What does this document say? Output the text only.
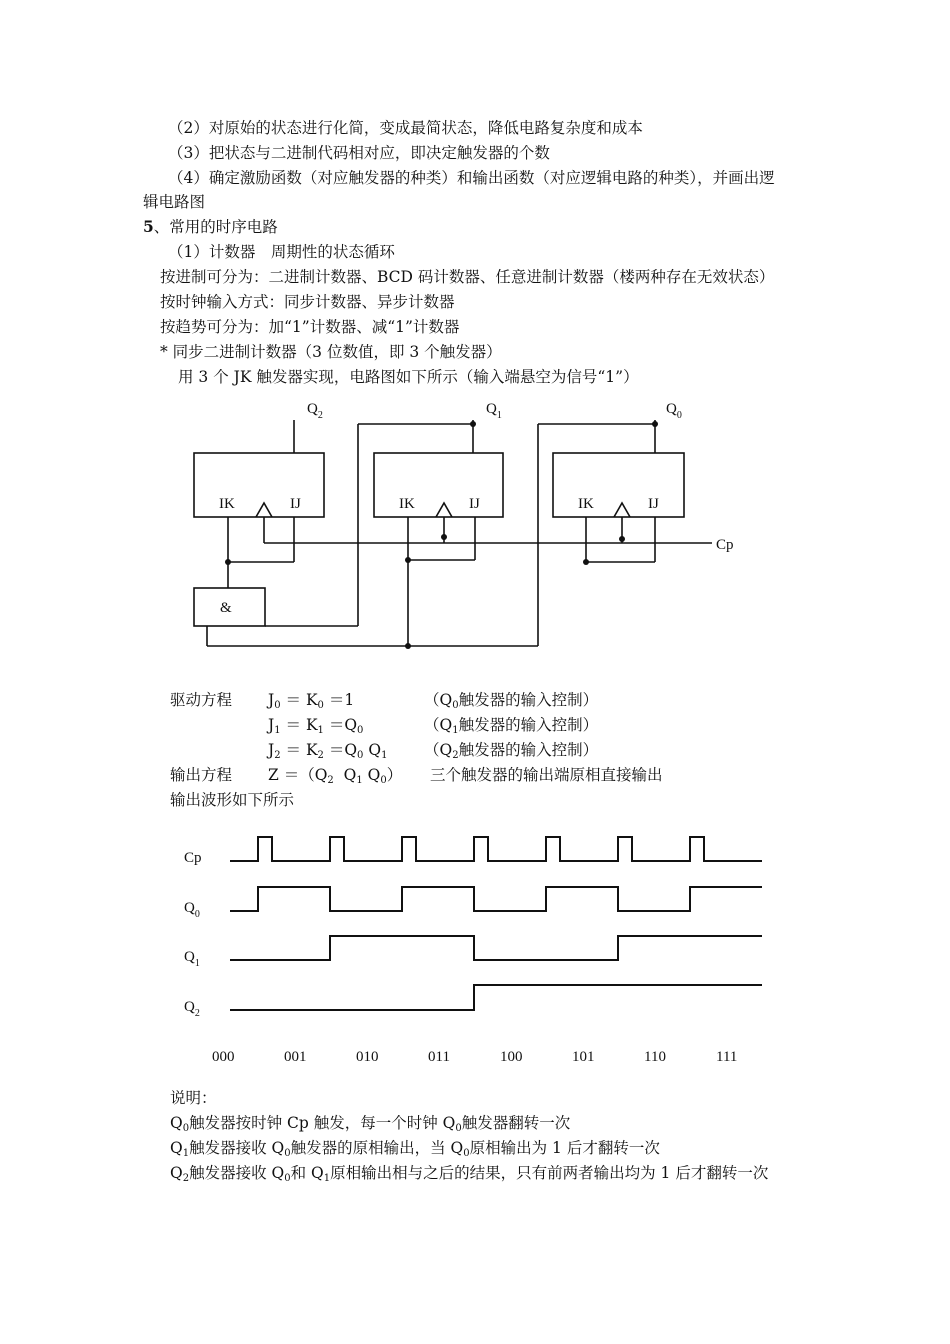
（2）对原始的状态进行化简，变成最简状态，降低电路复杂度和成本
（3）把状态与二进制代码相对应，即决定触发器的个数
（4）确定激励函数（对应触发器的种类）和输出函数（对应逻辑电路的种类），并画出逻
辑电路图
5、常用的时序电路
（1）计数器　周期性的状态循环
按进制可分为：二进制计数器、BCD 码计数器、任意进制计数器（楼两种存在无效状态）
按时钟输入方式：同步计数器、异步计数器
按趋势可分为：加“1”计数器、减“1”计数器
* 同步二进制计数器（3 位数值，即 3 个触发器）
用 3 个 JK 触发器实现，电路图如下所示（输入端悬空为信号“1”）
$Q_2$	$Q_1$	$Q_0$
IK	IJ	IK	IJ	IK	IJ
Cp
&
驱动方程 $J_0 = K_0 =1$	（$Q_0$触发器的输入控制）
$J_1 = K_1 =Q_0$	（$Q_1$触发器的输入控制）
$J_2 = K_2 =Q_0$ $Q_1$ （$Q_2$触发器的输入控制）
输出方程 $Z =(Q_2$  $Q_1$ $Q_0$） 三个触发器的输出端原相直接输出
输出波形如下所示
Cp
$Q_0$
$Q_1$
$Q_2$
000	001	010	011	100	101	110	111
说明：
$Q_0$触发器按时钟 Cp 触发，每一个时钟 $Q_0$触发器翻转一次
$Q_1$触发器接收 $Q_0$触发器的原相输出，当 $Q_0$原相输出为 1 后才翻转一次
$Q_2$触发器接收 $Q_0$和 $Q_1$原相输出相与之后的结果，只有前两者输出均为 1 后才翻转一次
